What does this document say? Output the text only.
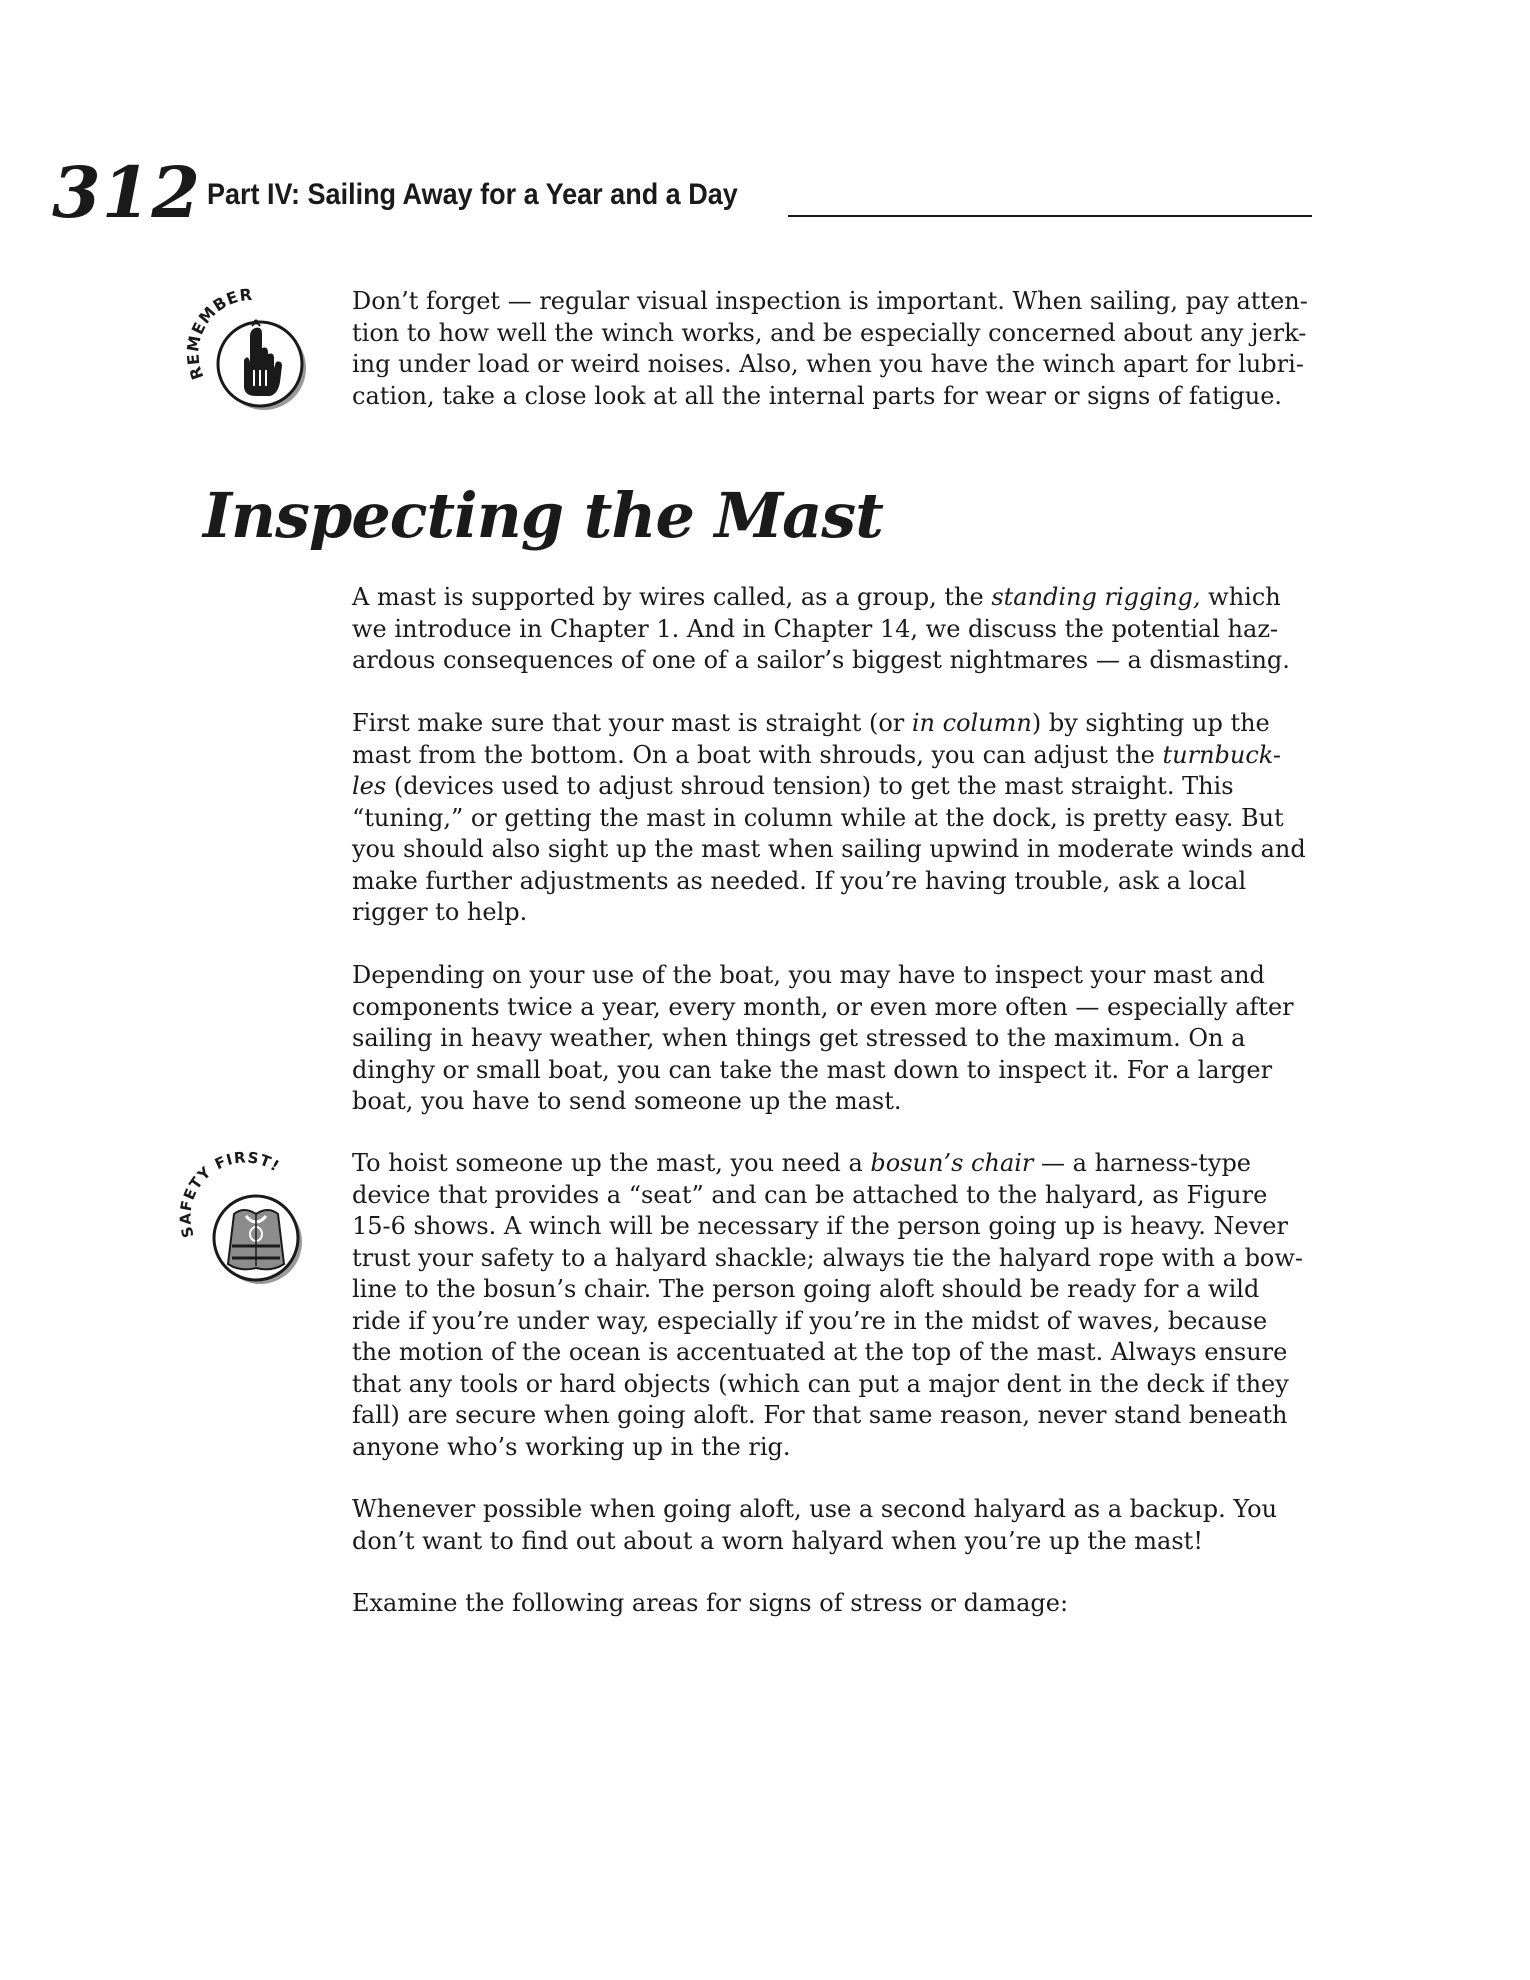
312 Part IV: Sailing Away for a Year and a Day
REMEMBER	Don’t forget — regular visual inspection is important. When sailing, pay atten- tion to how well the winch works, and be especially concerned about any jerk- ing under load or weird noises. Also, when you have the winch apart for lubri- cation, take a close look at all the internal parts for wear or signs of fatigue.

Inspecting the Mast

A mast is supported by wires called, as a group, the standing rigging, which we introduce in Chapter 1. And in Chapter 14, we discuss the potential haz- ardous consequences of one of a sailor’s biggest nightmares — a dismasting.

First make sure that your mast is straight (or in column) by sighting up the mast from the bottom. On a boat with shrouds, you can adjust the turnbuck- les (devices used to adjust shroud tension) to get the mast straight. This “tuning,” or getting the mast in column while at the dock, is pretty easy. But you should also sight up the mast when sailing upwind in moderate winds and make further adjustments as needed. If you’re having trouble, ask a local rigger to help.

Depending on your use of the boat, you may have to inspect your mast and components twice a year, every month, or even more often — especially after sailing in heavy weather, when things get stressed to the maximum. On a dinghy or small boat, you can take the mast down to inspect it. For a larger boat, you have to send someone up the mast.

SAFETY FIRST!	To hoist someone up the mast, you need a bosun’s chair — a harness-type device that provides a “seat” and can be attached to the halyard, as Figure 15-6 shows. A winch will be necessary if the person going up is heavy. Never trust your safety to a halyard shackle; always tie the halyard rope with a bow- line to the bosun’s chair. The person going aloft should be ready for a wild ride if you’re under way, especially if you’re in the midst of waves, because the motion of the ocean is accentuated at the top of the mast. Always ensure that any tools or hard objects (which can put a major dent in the deck if they fall) are secure when going aloft. For that same reason, never stand beneath anyone who’s working up in the rig.

Whenever possible when going aloft, use a second halyard as a backup. You don’t want to find out about a worn halyard when you’re up the mast!

Examine the following areas for signs of stress or damage:
